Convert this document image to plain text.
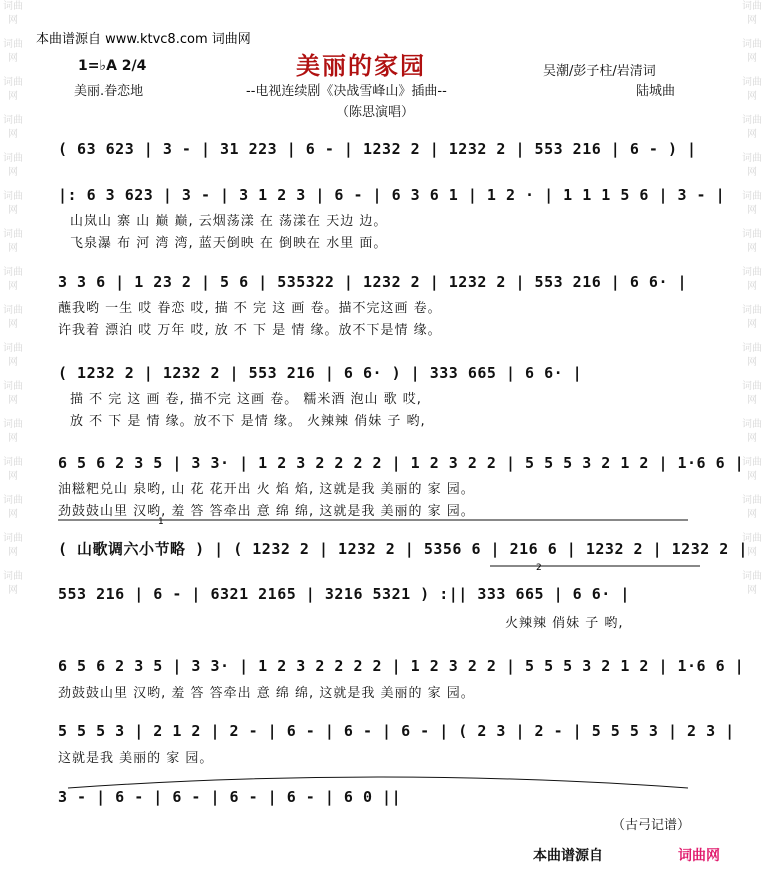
词曲网
词曲网
词曲网
词曲网
词曲网
词曲网
词曲网
词曲网
词曲网
词曲网
词曲网
词曲网
词曲网
词曲网
词曲网
词曲网
词曲网
词曲网
词曲网
词曲网
词曲网
词曲网
词曲网
词曲网
词曲网
词曲网
词曲网
词曲网
词曲网
词曲网
词曲网
词曲网
本曲谱源自 www.ktvc8.com 词曲网
1=♭A 2/4	美丽的家园	吴潮/彭子柱/岩清词
美丽.眷恋地	--电视连续剧《决战雪峰山》插曲--	陆城曲
（陈思演唱）
( 63 623 | 3 - | 31 223 | 6 - | 1232 2 | 1232 2 | 553 216 | 6 - ) |
|: 6 3 623 | 3 - | 3 1 2 3 | 6 - | 6 3 6 1 | 1 2 · | 1 1 1 5 6 | 3 - |
山岚山 寨 山 巅 巅, 云烟荡漾 在 荡漾在 天边 边。
飞泉瀑 布 河 湾 湾, 蓝天倒映 在 倒映在 水里 面。
3 3 6 | 1 23 2 | 5 6 | 535322 | 1232 2 | 1232 2 | 553 216 | 6 6· |
蘸我哟 一生 哎 眷恋 哎, 描 不 完 这 画 卷。描不完这画 卷。
许我着 漂泊 哎 万年 哎, 放 不 下 是 情 缘。放不下是情 缘。
( 1232 2 | 1232 2 | 553 216 | 6 6· ) | 333 665 | 6 6· |
描 不 完 这 画 卷, 描不完 这画 卷。 糯米酒 泡山 歌 哎,
放 不 下 是 情 缘。放不下 是情 缘。 火辣辣 俏妹 子 哟,
6 5 6 2 3 5 | 3 3· | 1 2 3 2 2 2 2 | 1 2 3 2 2 | 5 5 5 3 2 1 2 | 1·6 6 |
油糍粑兑山 泉哟, 山 花 花开出 火 焰 焰, 这就是我 美丽的 家 园。
劲鼓鼓山里 汉哟, 羞 答 答牵出 意 绵 绵, 这就是我 美丽的 家 园。
1
( 山歌调六小节略 ) | ( 1232 2 | 1232 2 | 5356 6 | 216 6 | 1232 2 | 1232 2 |
2
553 216 | 6 - | 6321 2165 | 3216 5321 ) :|| 333 665 | 6 6· |
火辣辣 俏妹 子 哟,
6 5 6 2 3 5 | 3 3· | 1 2 3 2 2 2 2 | 1 2 3 2 2 | 5 5 5 3 2 1 2 | 1·6 6 |
劲鼓鼓山里 汉哟, 羞 答 答牵出 意 绵 绵, 这就是我 美丽的 家 园。
5 5 5 3 | 2 1 2 | 2 - | 6 - | 6 - | 6 - | ( 2 3 | 2 - | 5 5 5 3 | 2 3 |
这就是我 美丽的 家 园。
3 - | 6 - | 6 - | 6 - | 6 - | 6 0 ||
（古弓记谱）
本曲谱源自	词曲网
